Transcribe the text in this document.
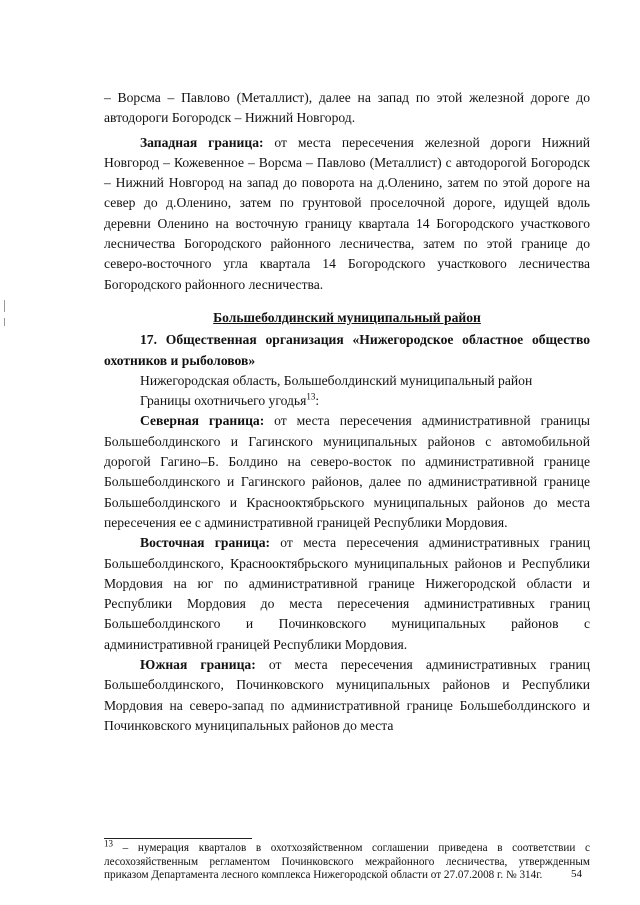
– Ворсма – Павлово (Металлист), далее на запад по этой железной дороге до автодороги Богородск – Нижний Новгород.

Западная граница: от места пересечения железной дороги Нижний Новгород – Кожевенное – Ворсма – Павлово (Металлист) с автодорогой Богородск – Нижний Новгород на запад до поворота на д.Оленино, затем по этой дороге на север до д.Оленино, затем по грунтовой проселочной дороге, идущей вдоль деревни Оленино на восточную границу квартала 14 Богородского участкового лесничества Богородского районного лесничества, затем по этой границе до северо-восточного угла квартала 14 Богородского участкового лесничества Богородского районного лесничества.

Большеболдинский муниципальный район

17. Общественная организация «Нижегородское областное общество охотников и рыболовов»

Нижегородская область, Большеболдинский муниципальный район

Границы охотничьего угодья$^{13}$:

Северная граница: от места пересечения административной границы Большеболдинского и Гагинского муниципальных районов с автомобильной дорогой Гагино–Б. Болдино на северо-восток по административной границе Большеболдинского и Гагинского районов, далее по административной границе Большеболдинского и Краснооктябрьского муниципальных районов до места пересечения ее с административной границей Республики Мордовия.

Восточная граница: от места пересечения административных границ Большеболдинского, Краснооктябрьского муниципальных районов и Республики Мордовия на юг по административной границе Нижегородской области и Республики Мордовия до места пересечения административных границ Большеболдинского и Починковского муниципальных районов с административной границей Республики Мордовия.

Южная граница: от места пересечения административных границ Большеболдинского, Починковского муниципальных районов и Республики Мордовия на северо-запад по административной границе Большеболдинского и Починковского муниципальных районов до места

$^{13}$ – нумерация кварталов в охотхозяйственном соглашении приведена в соответствии с лесохозяйственным регламентом Починковского межрайонного лесничества, утвержденным приказом Департамента лесного комплекса Нижегородской области от 27.07.2008 г. № 314г.	54
